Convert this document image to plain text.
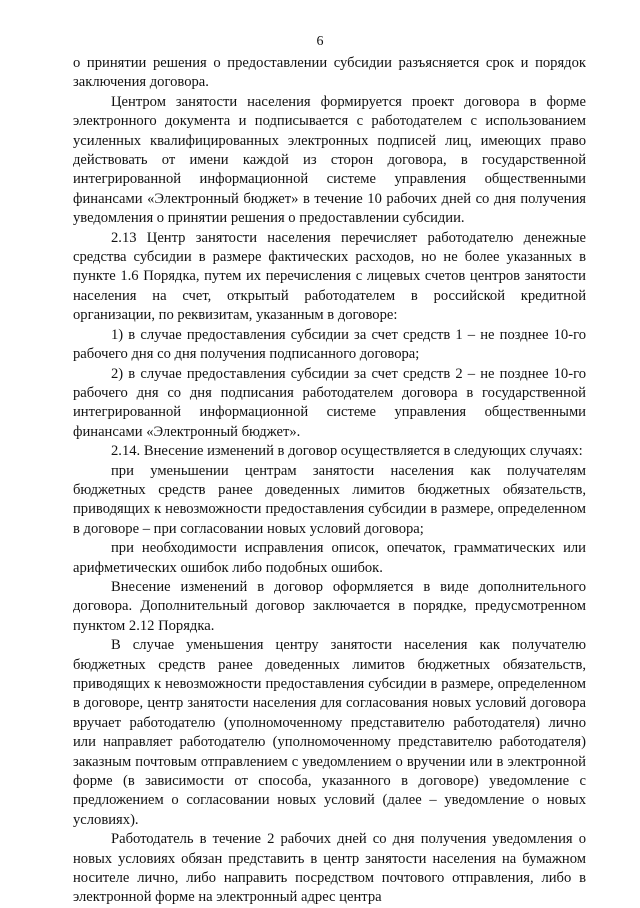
6

о принятии решения о предоставлении субсидии разъясняется срок и порядок заключения договора.

Центром занятости населения формируется проект договора в форме электронного документа и подписывается с работодателем с использованием усиленных квалифицированных электронных подписей лиц, имеющих право действовать от имени каждой из сторон договора, в государственной интегрированной информационной системе управления общественными финансами «Электронный бюджет» в течение 10 рабочих дней со дня получения уведомления о принятии решения о предоставлении субсидии.

2.13 Центр занятости населения перечисляет работодателю денежные средства субсидии в размере фактических расходов, но не более указанных в пункте 1.6 Порядка, путем их перечисления с лицевых счетов центров занятости населения на счет, открытый работодателем в российской кредитной организации, по реквизитам, указанным в договоре:

1) в случае предоставления субсидии за счет средств 1 – не позднее 10-го рабочего дня со дня получения подписанного договора;

2) в случае предоставления субсидии за счет средств 2 – не позднее 10-го рабочего дня со дня подписания работодателем договора в государственной интегрированной информационной системе управления общественными финансами «Электронный бюджет».

2.14. Внесение изменений в договор осуществляется в следующих случаях:

при уменьшении центрам занятости населения как получателям бюджетных средств ранее доведенных лимитов бюджетных обязательств, приводящих к невозможности предоставления субсидии в размере, определенном в договоре – при согласовании новых условий договора;

при необходимости исправления описок, опечаток, грамматических или арифметических ошибок либо подобных ошибок.

Внесение изменений в договор оформляется в виде дополнительного договора. Дополнительный договор заключается в порядке, предусмотренном пунктом 2.12 Порядка.

В случае уменьшения центру занятости населения как получателю бюджетных средств ранее доведенных лимитов бюджетных обязательств, приводящих к невозможности предоставления субсидии в размере, определенном в договоре, центр занятости населения для согласования новых условий договора вручает работодателю (уполномоченному представителю работодателя) лично или направляет работодателю (уполномоченному представителю работодателя) заказным почтовым отправлением с уведомлением о вручении или в электронной форме (в зависимости от способа, указанного в договоре) уведомление с предложением о согласовании новых условий (далее – уведомление о новых условиях).

Работодатель в течение 2 рабочих дней со дня получения уведомления о новых условиях обязан представить в центр занятости населения на бумажном носителе лично, либо направить посредством почтового отправления, либо в электронной форме на электронный адрес центра
